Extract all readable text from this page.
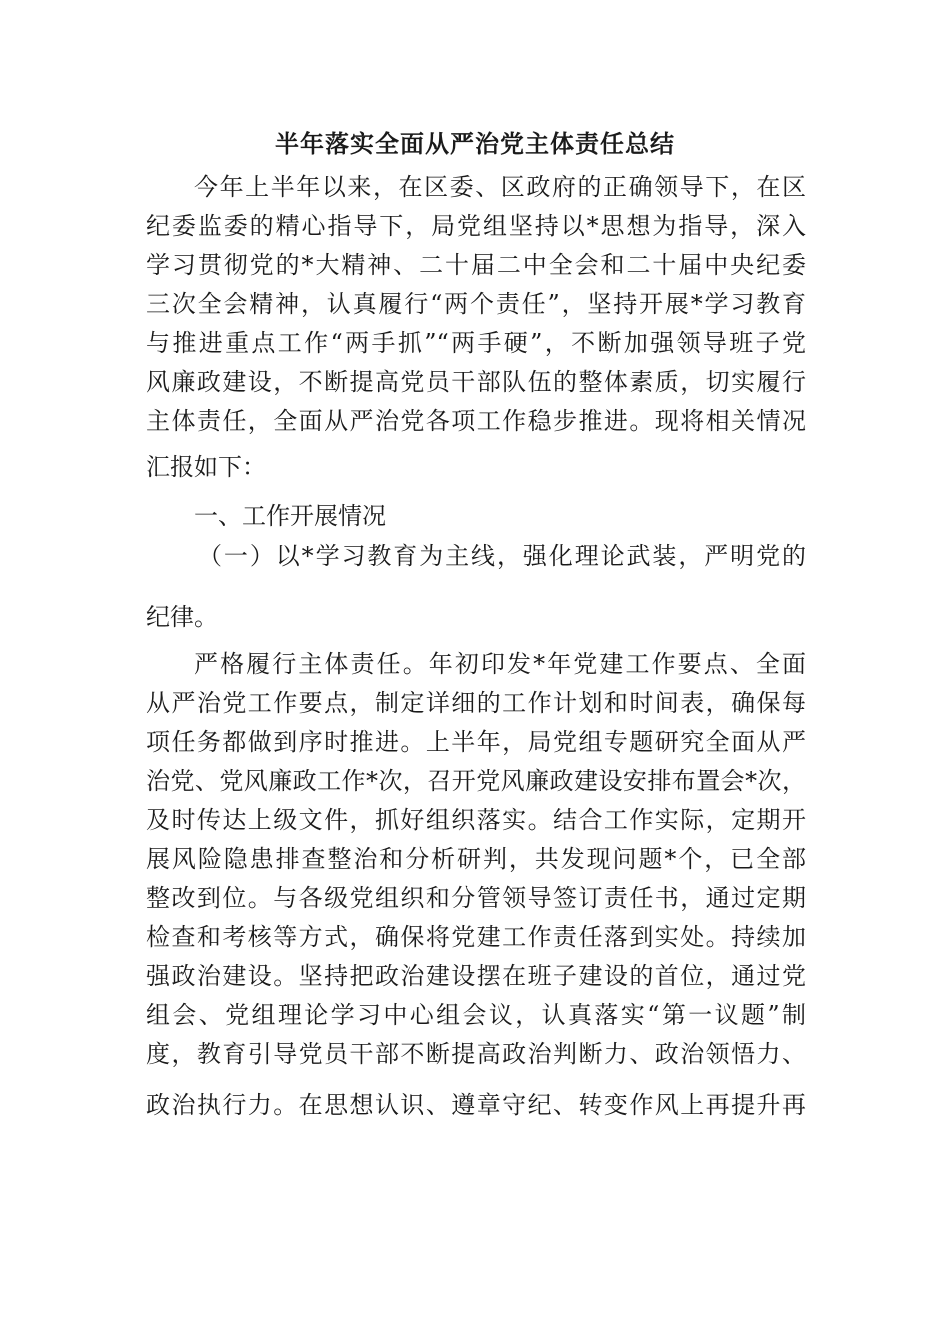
半年落实全面从严治党主体责任总结
今年上半年以来，在区委、区政府的正确领导下，在区
纪委监委的精心指导下，局党组坚持以*思想为指导，深入
学习贯彻党的*大精神、二十届二中全会和二十届中央纪委
三次全会精神，认真履行“两个责任”，坚持开展*学习教育
与推进重点工作“两手抓”“两手硬”，不断加强领导班子党
风廉政建设，不断提高党员干部队伍的整体素质，切实履行
主体责任，全面从严治党各项工作稳步推进。现将相关情况
汇报如下：
一、工作开展情况
（一）以*学习教育为主线，强化理论武装，严明党的
纪律。
严格履行主体责任。年初印发*年党建工作要点、全面
从严治党工作要点，制定详细的工作计划和时间表，确保每
项任务都做到序时推进。上半年，局党组专题研究全面从严
治党、党风廉政工作*次，召开党风廉政建设安排布置会*次，
及时传达上级文件，抓好组织落实。结合工作实际，定期开
展风险隐患排查整治和分析研判，共发现问题*个，已全部
整改到位。与各级党组织和分管领导签订责任书，通过定期
检查和考核等方式，确保将党建工作责任落到实处。持续加
强政治建设。坚持把政治建设摆在班子建设的首位，通过党
组会、党组理论学习中心组会议，认真落实“第一议题”制
度，教育引导党员干部不断提高政治判断力、政治领悟力、
政治执行力。在思想认识、遵章守纪、转变作风上再提升再
